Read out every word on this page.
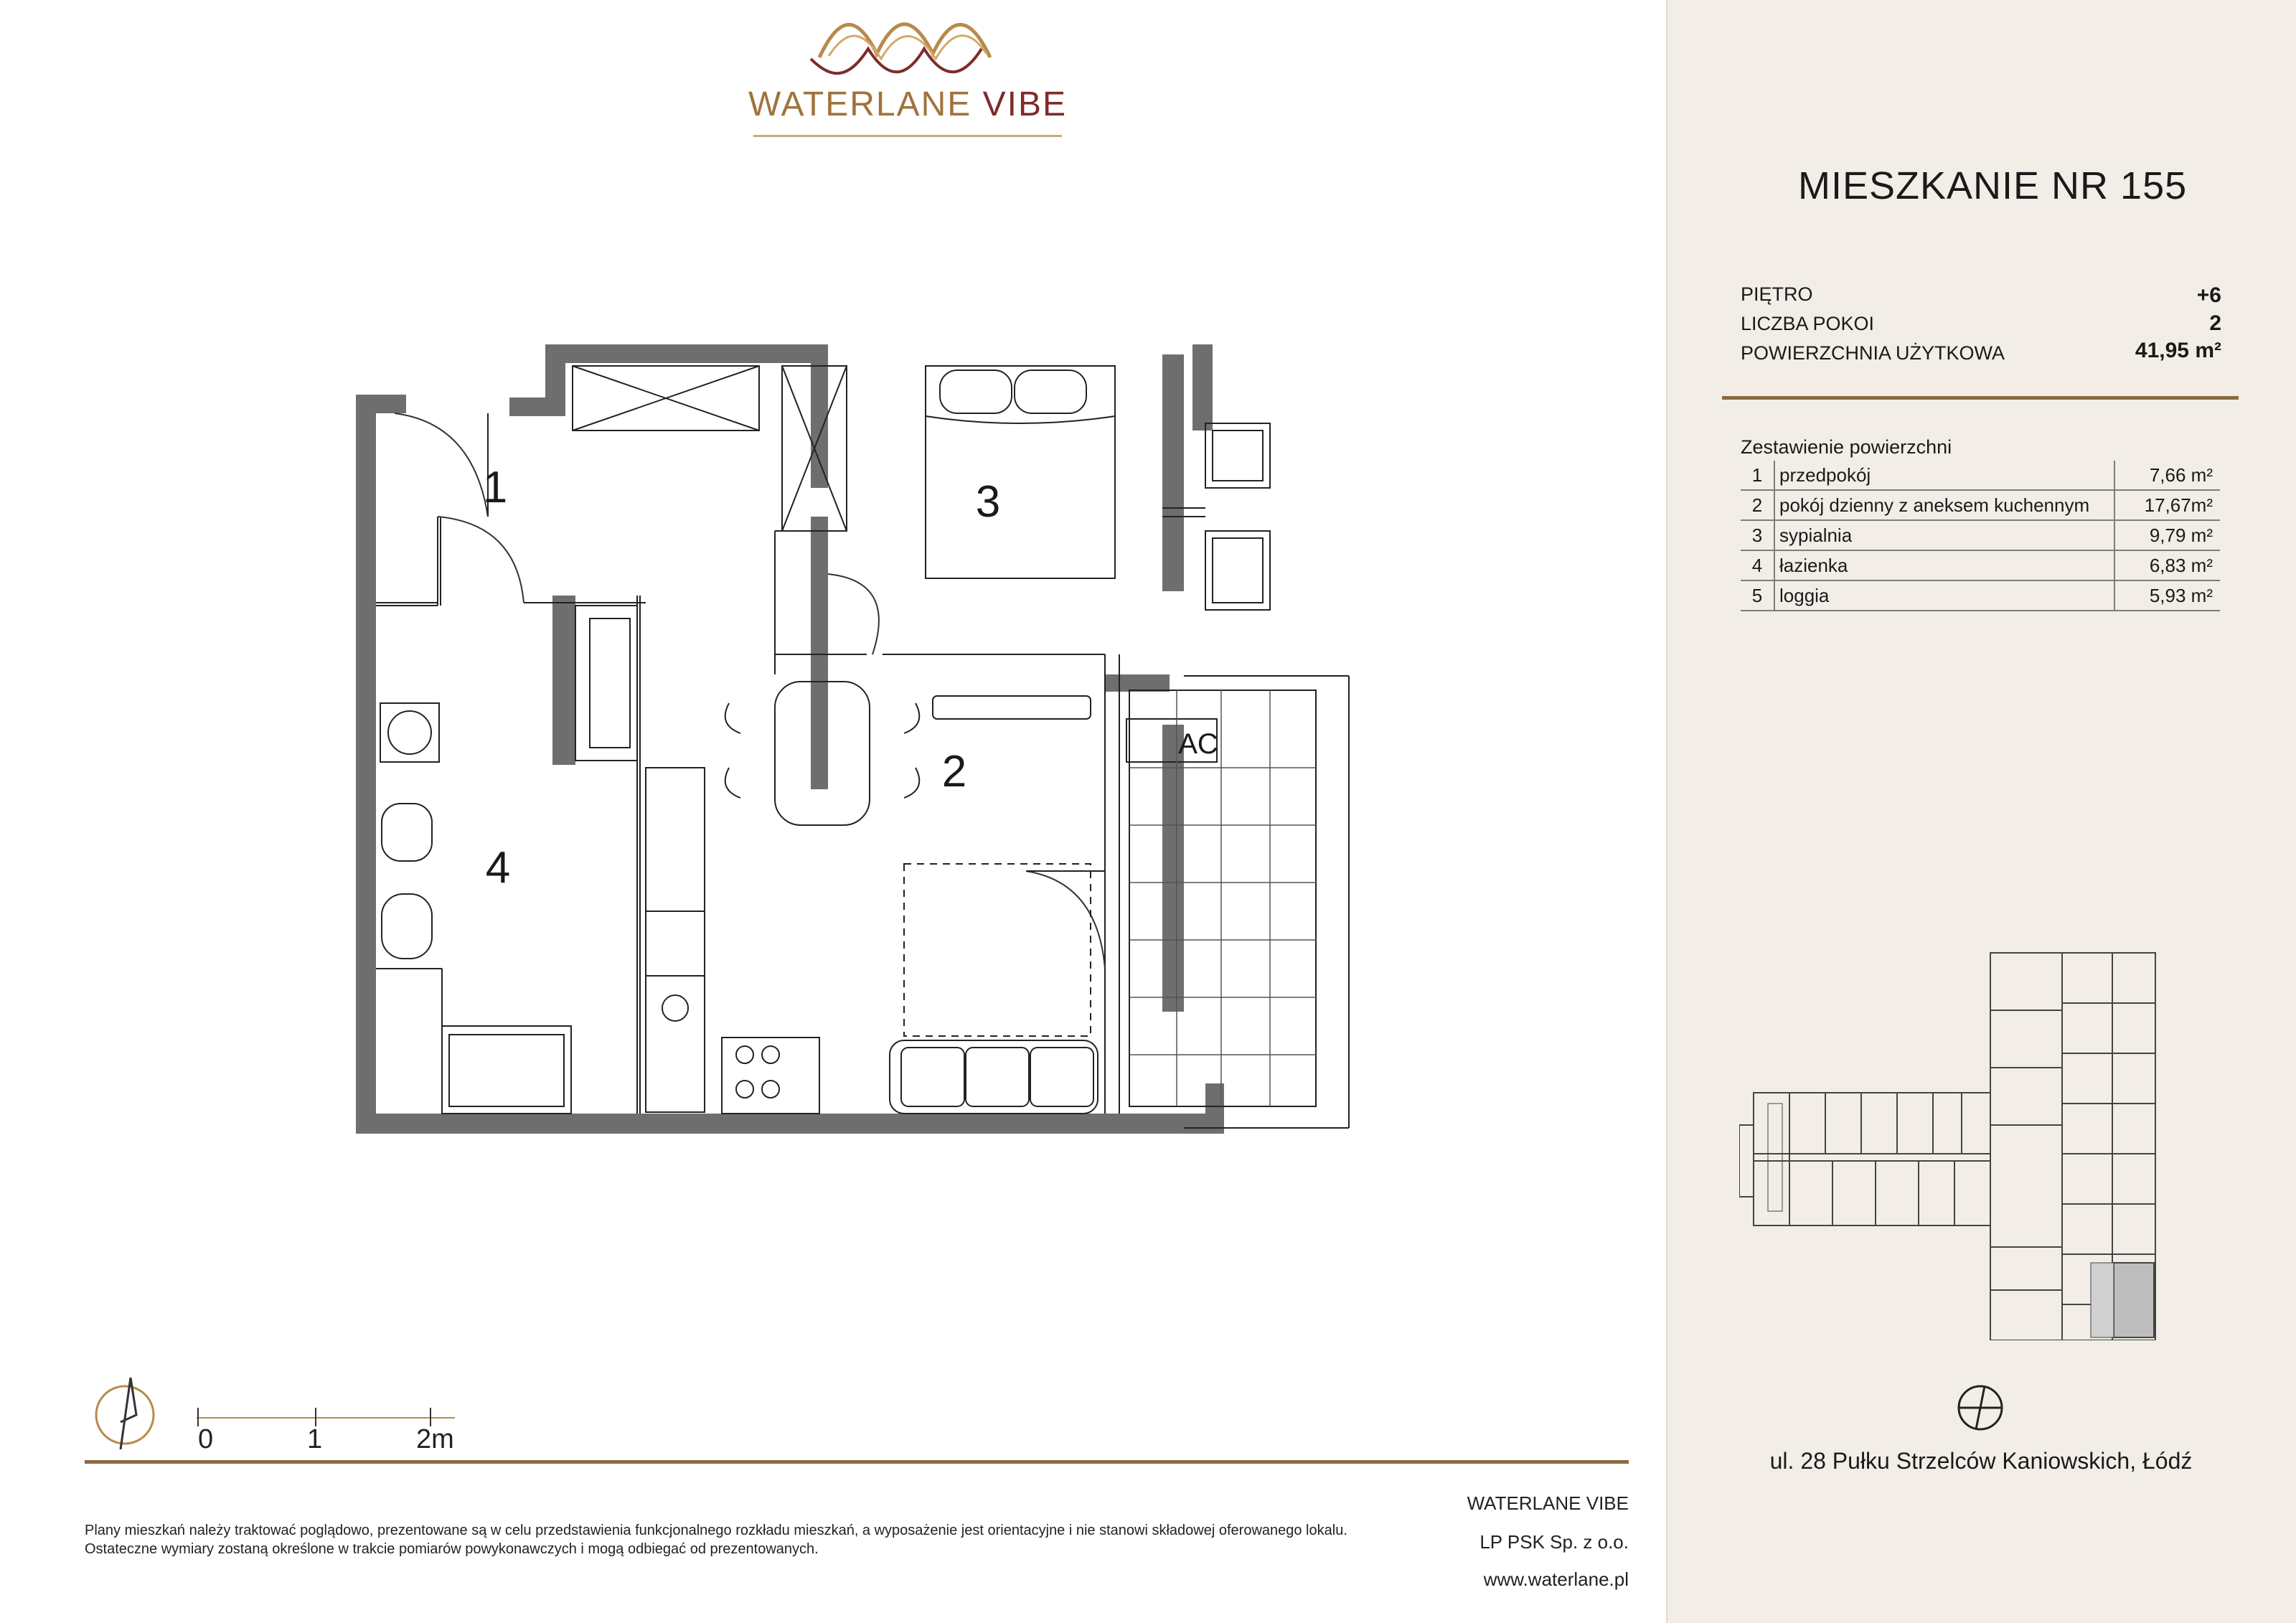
WATERLANE VIBE
1
2
3
4
AC
0	1	2m
Plany mieszkań należy traktować poglądowo, prezentowane są w celu przedstawienia funkcjonalnego rozkładu mieszkań, a wyposażenie jest orientacyjne i nie stanowi składowej oferowanego lokalu.
Ostateczne wymiary zostaną określone w trakcie pomiarów powykonawczych i mogą odbiegać od prezentowanych.
WATERLANE VIBE
LP PSK Sp. z o.o.
www.waterlane.pl
MIESZKANIE NR 155
PIĘTRO	+6
LICZBA POKOI	2
POWIERZCHNIA UŻYTKOWA	41,95 m²
Zestawienie powierzchni
1	przedpokój	7,66 m²
2	pokój dzienny z aneksem kuchennym	17,67m²
3	sypialnia	9,79 m²
4	łazienka	6,83 m²
5	loggia	5,93 m²
ul. 28 Pułku Strzelców Kaniowskich, Łódź
